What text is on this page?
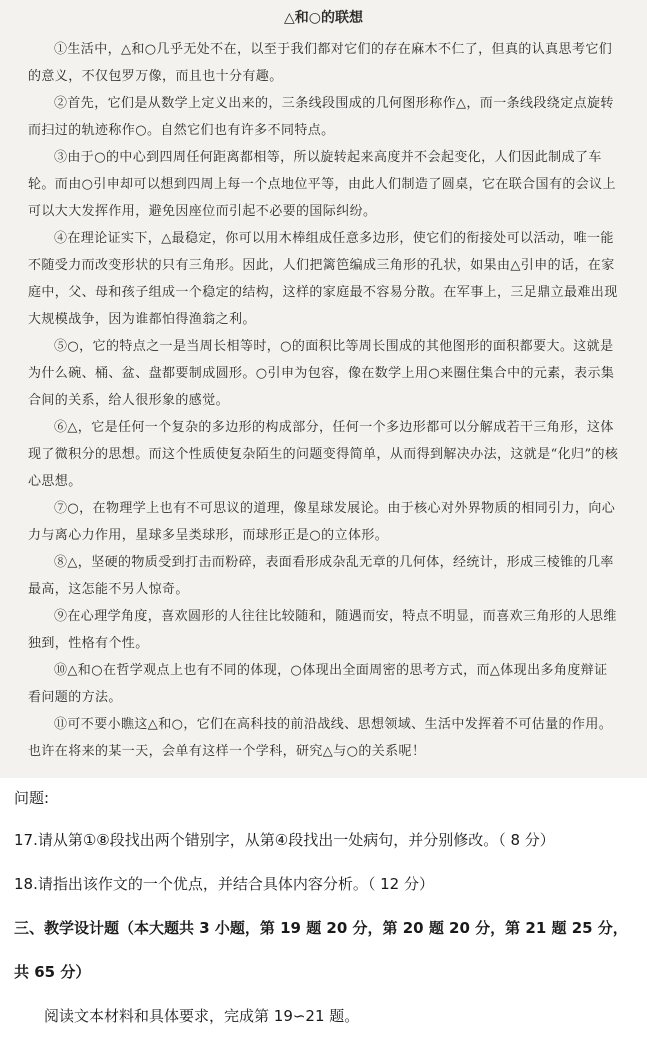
△和○的联想

①生活中，△和○几乎无处不在，以至于我们都对它们的存在麻木不仁了，但真的认真思考它们的意义，不仅包罗万像，而且也十分有趣。

②首先，它们是从数学上定义出来的，三条线段围成的几何图形称作△，而一条线段绕定点旋转而扫过的轨迹称作○。自然它们也有许多不同特点。

③由于○的中心到四周任何距离都相等，所以旋转起来高度并不会起变化，人们因此制成了车轮。而由○引申却可以想到四周上每一个点地位平等，由此人们制造了圆桌，它在联合国有的会议上可以大大发挥作用，避免因座位而引起不必要的国际纠纷。

④在理论证实下，△最稳定，你可以用木棒组成任意多边形，使它们的衔接处可以活动，唯一能不随受力而改变形状的只有三角形。因此，人们把篱笆编成三角形的孔状，如果由△引申的话，在家庭中，父、母和孩子组成一个稳定的结构，这样的家庭最不容易分散。在军事上，三足鼎立最难出现大规模战争，因为谁都怕得渔翁之利。

⑤○，它的特点之一是当周长相等时，○的面积比等周长围成的其他图形的面积都要大。这就是为什么碗、桶、盆、盘都要制成圆形。○引申为包容，像在数学上用○来圈住集合中的元素，表示集合间的关系，给人很形象的感觉。

⑥△，它是任何一个复杂的多边形的构成部分，任何一个多边形都可以分解成若干三角形，这体现了微积分的思想。而这个性质使复杂陌生的问题变得简单，从而得到解决办法，这就是“化归”的核心思想。

⑦○，在物理学上也有不可思议的道理，像星球发展论。由于核心对外界物质的相同引力，向心力与离心力作用，星球多呈类球形，而球形正是○的立体形。

⑧△，坚硬的物质受到打击而粉碎，表面看形成杂乱无章的几何体，经统计，形成三棱锥的几率最高，这怎能不另人惊奇。

⑨在心理学角度，喜欢圆形的人往往比较随和，随遇而安，特点不明显，而喜欢三角形的人思维独到，性格有个性。

⑩△和○在哲学观点上也有不同的体现，○体现出全面周密的思考方式，而△体现出多角度辩证看问题的方法。

⑪可不要小瞧这△和○，它们在高科技的前沿战线、思想领域、生活中发挥着不可估量的作用。也许在将来的某一天，会单有这样一个学科，研究△与○的关系呢！

问题:

17.请从第①⑧段找出两个错别字，从第④段找出一处病句，并分别修改。（ 8 分）

18.请指出该作文的一个优点，并结合具体内容分析。（ 12 分）

三、教学设计题（本大题共 3 小题，第 19 题 20 分，第 20 题 20 分，第 21 题 25 分，

共 65 分）

阅读文本材料和具体要求，完成第 19∽21 题。
